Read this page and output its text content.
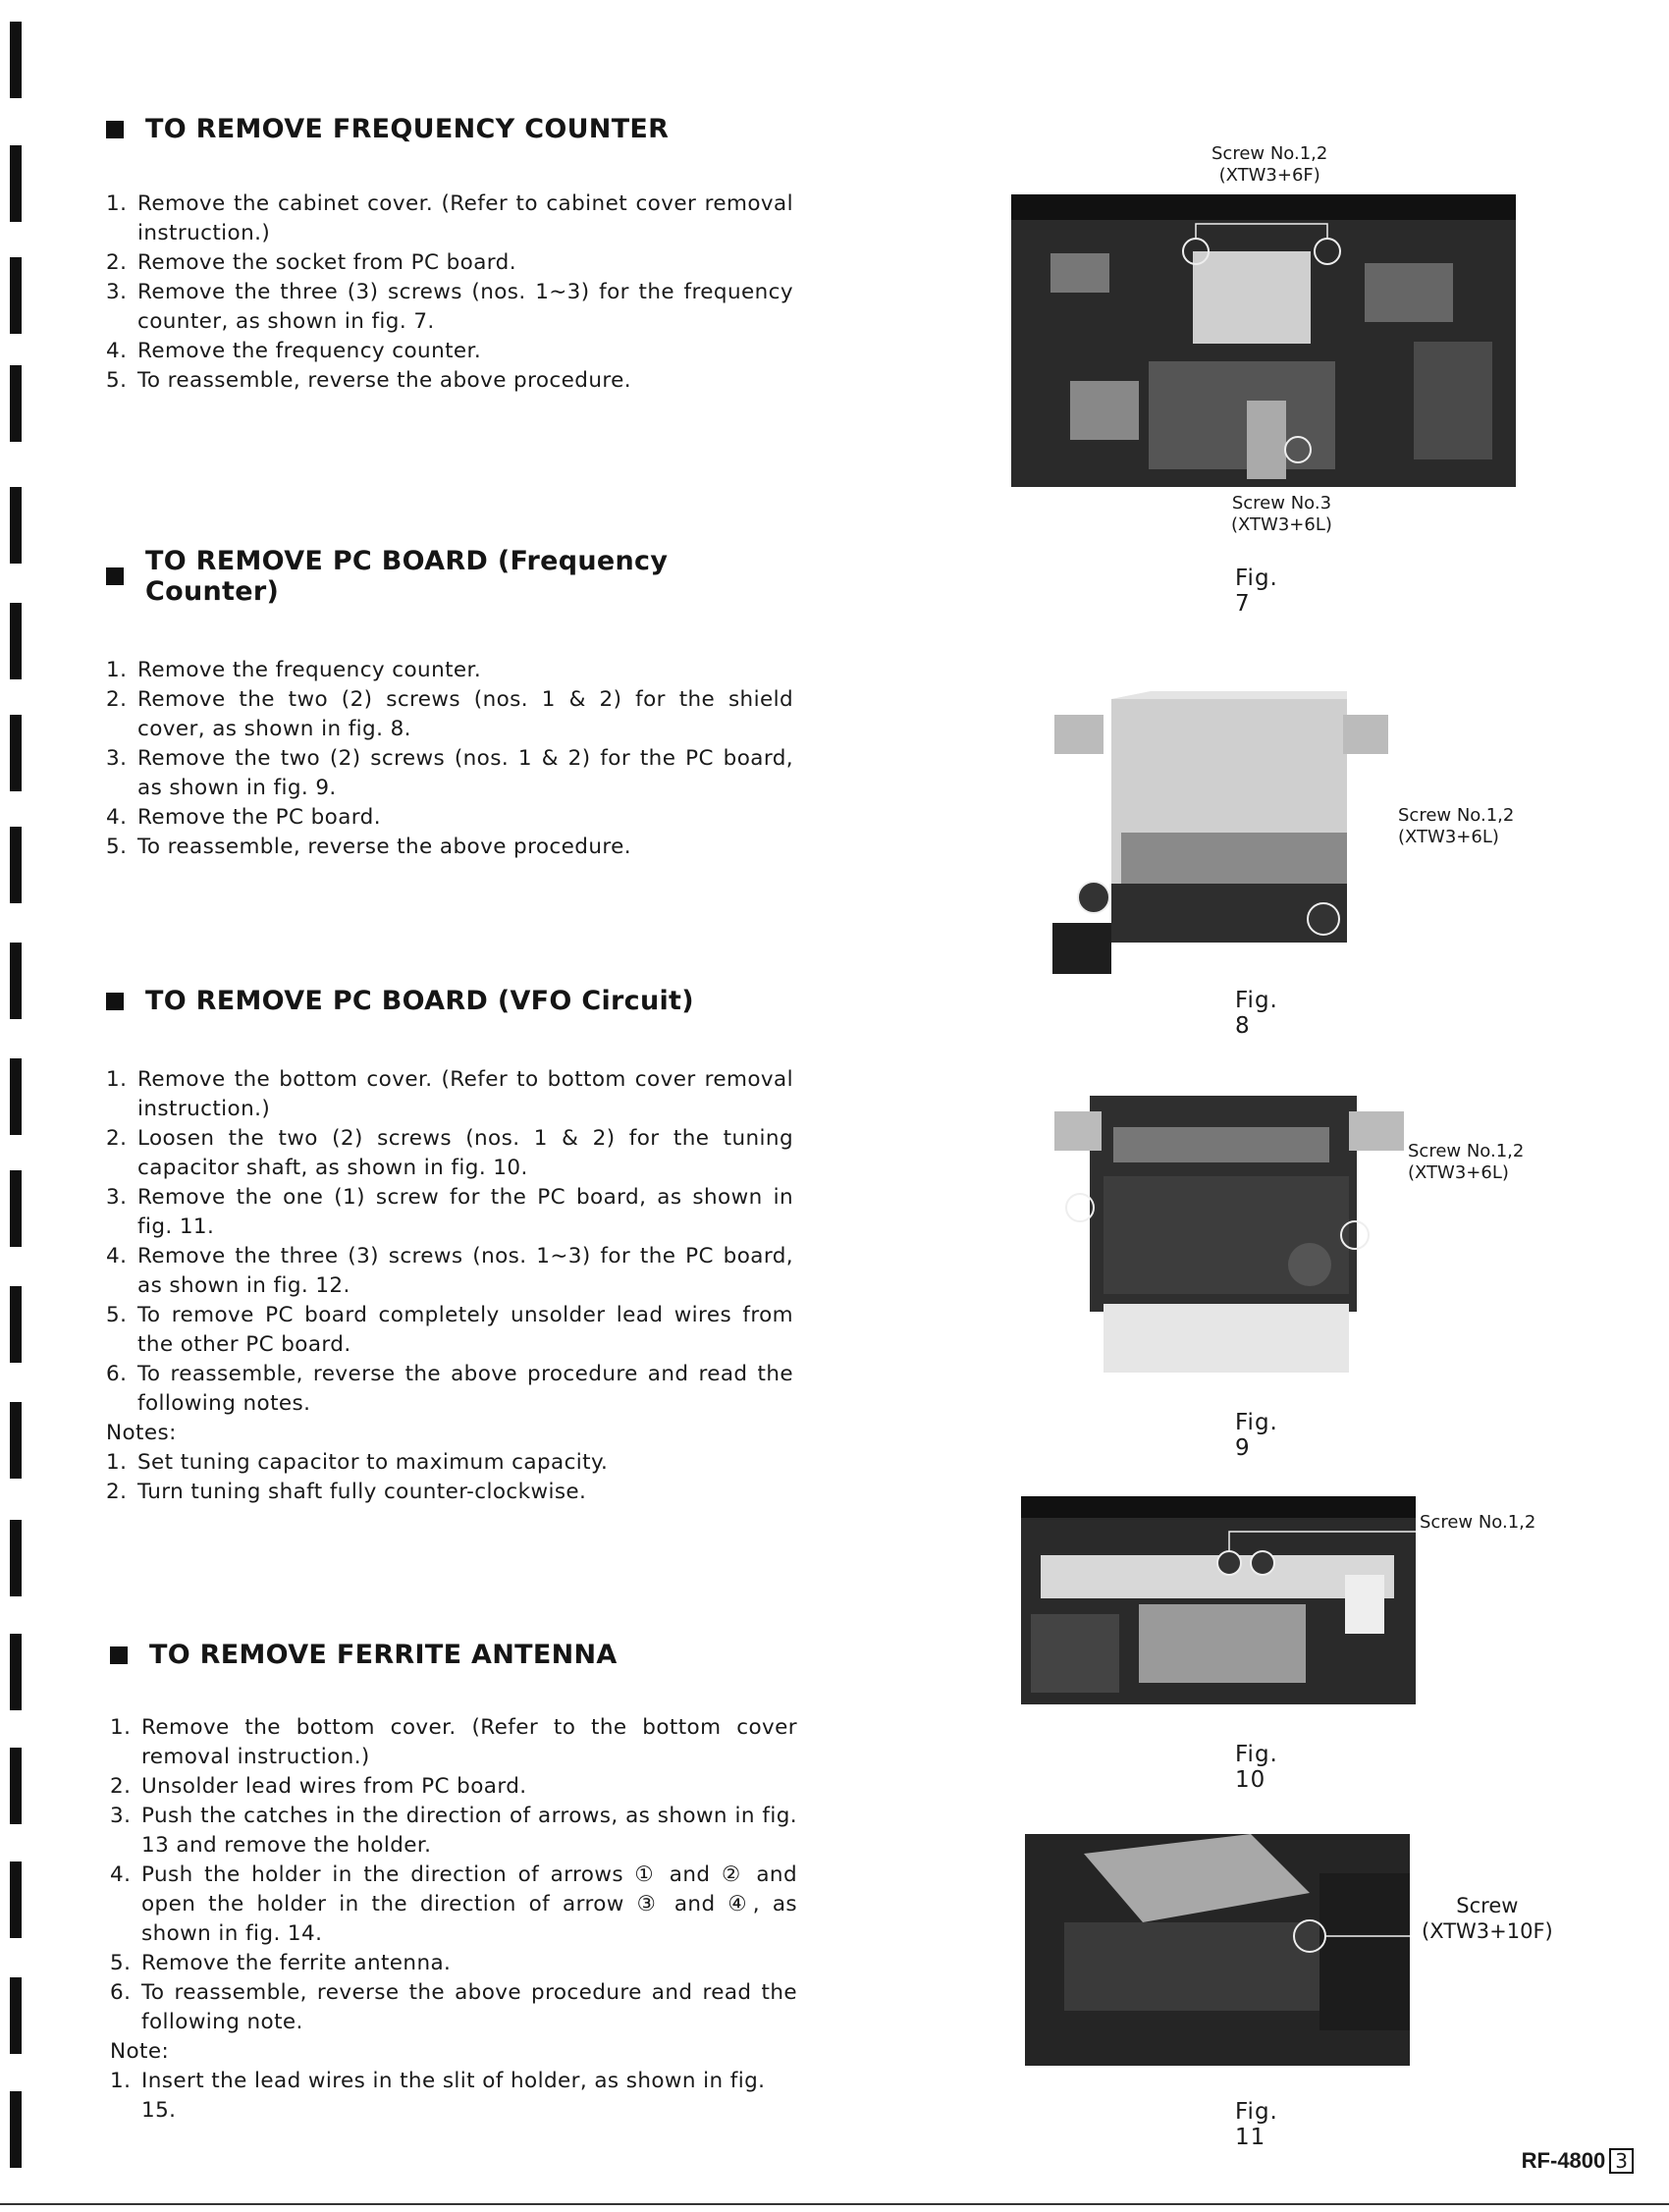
TO REMOVE FREQUENCY COUNTER
1. Remove the cabinet cover. (Refer to cabinet cover removal instruction.)
2. Remove the socket from PC board.
3. Remove the three (3) screws (nos. 1∼3) for the frequency counter, as shown in fig. 7.
4. Remove the frequency counter.
5. To reassemble, reverse the above procedure.
TO REMOVE PC BOARD (Frequency Counter)
1. Remove the frequency counter.
2. Remove the two (2) screws (nos. 1 & 2) for the shield cover, as shown in fig. 8.
3. Remove the two (2) screws (nos. 1 & 2) for the PC board, as shown in fig. 9.
4. Remove the PC board.
5. To reassemble, reverse the above procedure.
TO REMOVE PC BOARD (VFO Circuit)
1. Remove the bottom cover. (Refer to bottom cover removal instruction.)
2. Loosen the two (2) screws (nos. 1 & 2) for the tuning capacitor shaft, as shown in fig. 10.
3. Remove the one (1) screw for the PC board, as shown in fig. 11.
4. Remove the three (3) screws (nos. 1∼3) for the PC board, as shown in fig. 12.
5. To remove PC board completely unsolder lead wires from the other PC board.
6. To reassemble, reverse the above procedure and read the following notes.
Notes:
1. Set tuning capacitor to maximum capacity.
2. Turn tuning shaft fully counter-clockwise.
TO REMOVE FERRITE ANTENNA
1. Remove the bottom cover. (Refer to the bottom cover removal instruction.)
2. Unsolder lead wires from PC board.
3. Push the catches in the direction of arrows, as shown in fig. 13 and remove the holder.
4. Push the holder in the direction of arrows ① and ② and open the holder in the direction of arrow ③ and ④, as shown in fig. 14.
5. Remove the ferrite antenna.
6. To reassemble, reverse the above procedure and read the following note.
Note:
1. Insert the lead wires in the slit of holder, as shown in fig. 15.
Screw No.1,2
(XTW3+6F)
Screw No.3
(XTW3+6L)
Fig. 7
Screw No.1,2
(XTW3+6L)
Fig. 8
Screw No.1,2
(XTW3+6L)
Fig. 9
Screw No.1,2
Fig. 10
Screw
(XTW3+10F)
Fig. 11
RF-4800 3
